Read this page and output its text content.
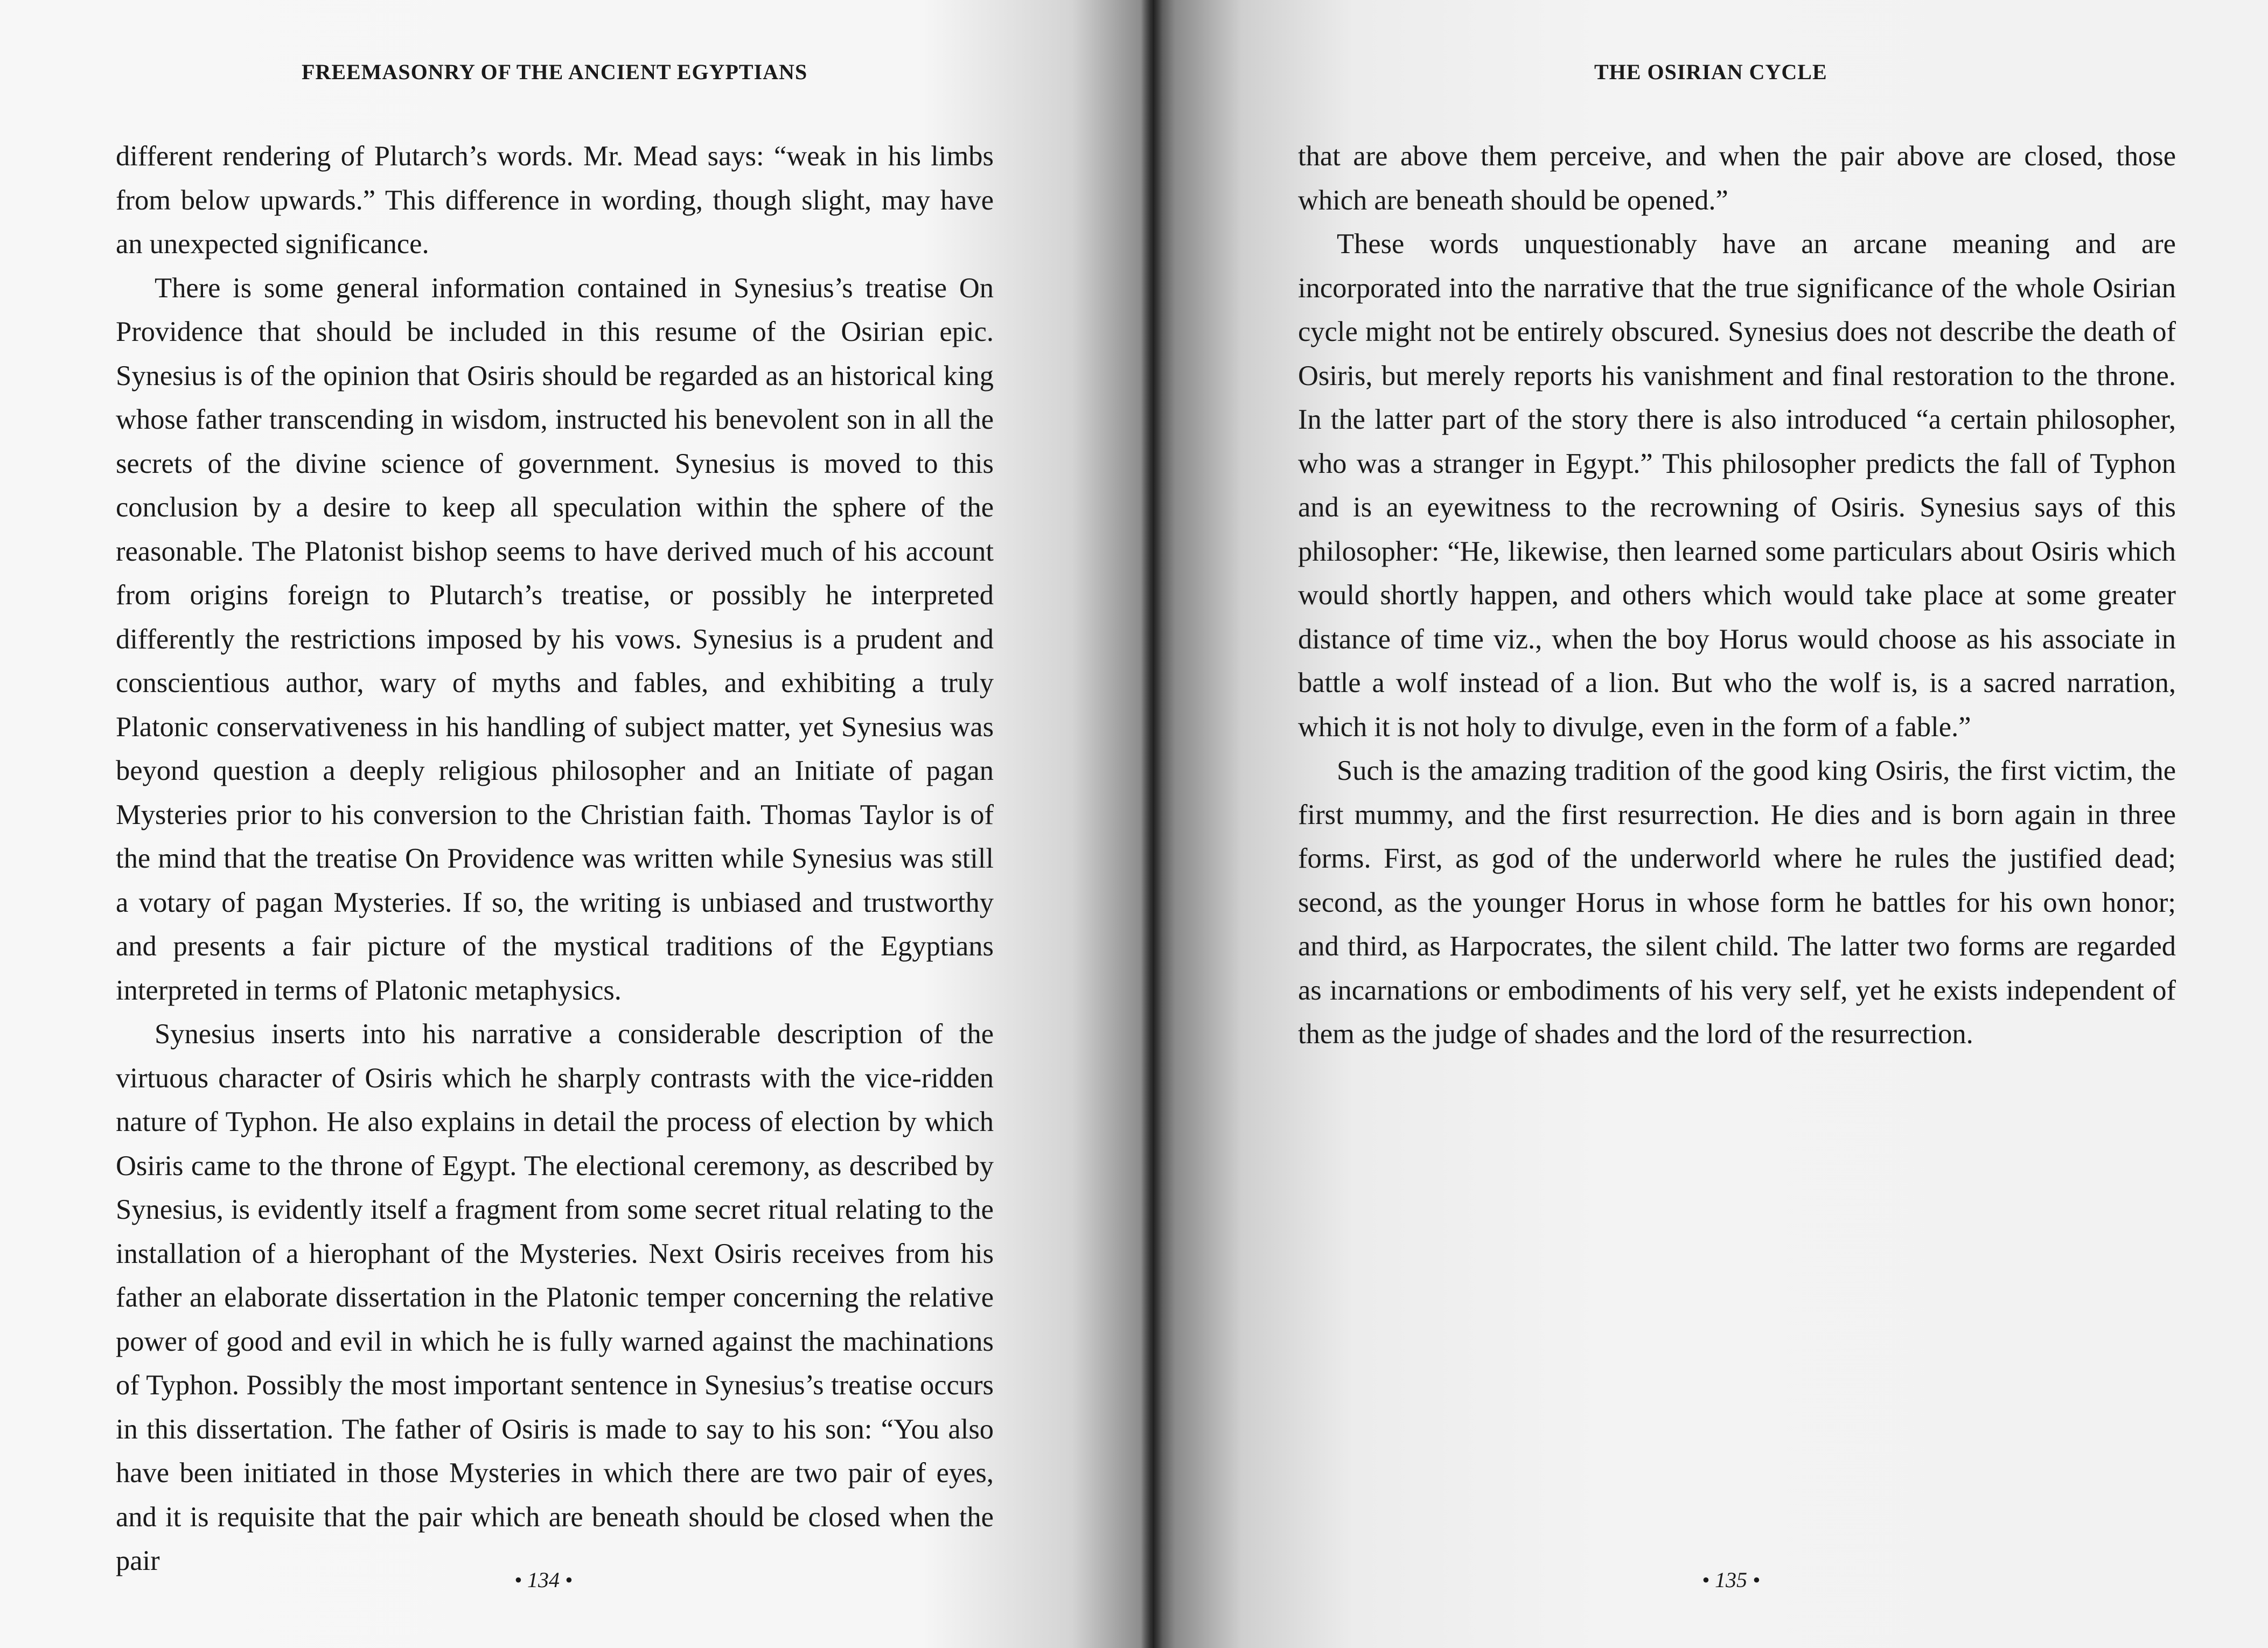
FREEMASONRY OF THE ANCIENT EGYPTIANS

different rendering of Plutarch’s words. Mr. Mead says: “weak in his limbs from below upwards.” This difference in wording, though slight, may have an unexpected significance.

There is some general information contained in Synesius’s treatise On Providence that should be included in this resume of the Osirian epic. Synesius is of the opinion that Osiris should be regarded as an historical king whose father transcending in wisdom, instructed his benevolent son in all the secrets of the divine science of government. Synesius is moved to this conclusion by a desire to keep all speculation within the sphere of the reasonable. The Platonist bishop seems to have derived much of his account from origins foreign to Plutarch’s treatise, or possibly he interpreted differently the restrictions imposed by his vows. Synesius is a prudent and conscientious author, wary of myths and fables, and exhibiting a truly Platonic conservativeness in his handling of subject matter, yet Synesius was beyond question a deeply religious philosopher and an Initiate of pagan Mysteries prior to his conversion to the Christian faith. Thomas Taylor is of the mind that the treatise On Providence was written while Synesius was still a votary of pagan Mysteries. If so, the writing is unbiased and trustworthy and presents a fair picture of the mystical traditions of the Egyptians interpreted in terms of Platonic metaphysics.

Synesius inserts into his narrative a considerable description of the virtuous character of Osiris which he sharply contrasts with the vice-ridden nature of Typhon. He also explains in detail the process of election by which Osiris came to the throne of Egypt. The electional ceremony, as described by Synesius, is evidently itself a fragment from some secret ritual relating to the installation of a hierophant of the Mysteries. Next Osiris receives from his father an elaborate dissertation in the Platonic temper concerning the relative power of good and evil in which he is fully warned against the machinations of Typhon. Possibly the most important sentence in Synesius’s treatise occurs in this dissertation. The father of Osiris is made to say to his son: “You also have been initiated in those Mysteries in which there are two pair of eyes, and it is requisite that the pair which are beneath should be closed when the pair

• 134 •
THE OSIRIAN CYCLE

that are above them perceive, and when the pair above are closed, those which are beneath should be opened.”

These words unquestionably have an arcane meaning and are incorporated into the narrative that the true significance of the whole Osirian cycle might not be entirely obscured. Synesius does not describe the death of Osiris, but merely reports his vanishment and final restoration to the throne. In the latter part of the story there is also introduced “a certain philosopher, who was a stranger in Egypt.” This philosopher predicts the fall of Typhon and is an eyewitness to the recrowning of Osiris. Synesius says of this philosopher: “He, likewise, then learned some particulars about Osiris which would shortly happen, and others which would take place at some greater distance of time viz., when the boy Horus would choose as his associate in battle a wolf instead of a lion. But who the wolf is, is a sacred narration, which it is not holy to divulge, even in the form of a fable.”

Such is the amazing tradition of the good king Osiris, the first victim, the first mummy, and the first resurrection. He dies and is born again in three forms. First, as god of the underworld where he rules the justified dead; second, as the younger Horus in whose form he battles for his own honor; and third, as Harpocrates, the silent child. The latter two forms are regarded as incarnations or embodiments of his very self, yet he exists independent of them as the judge of shades and the lord of the resurrection.

• 135 •
